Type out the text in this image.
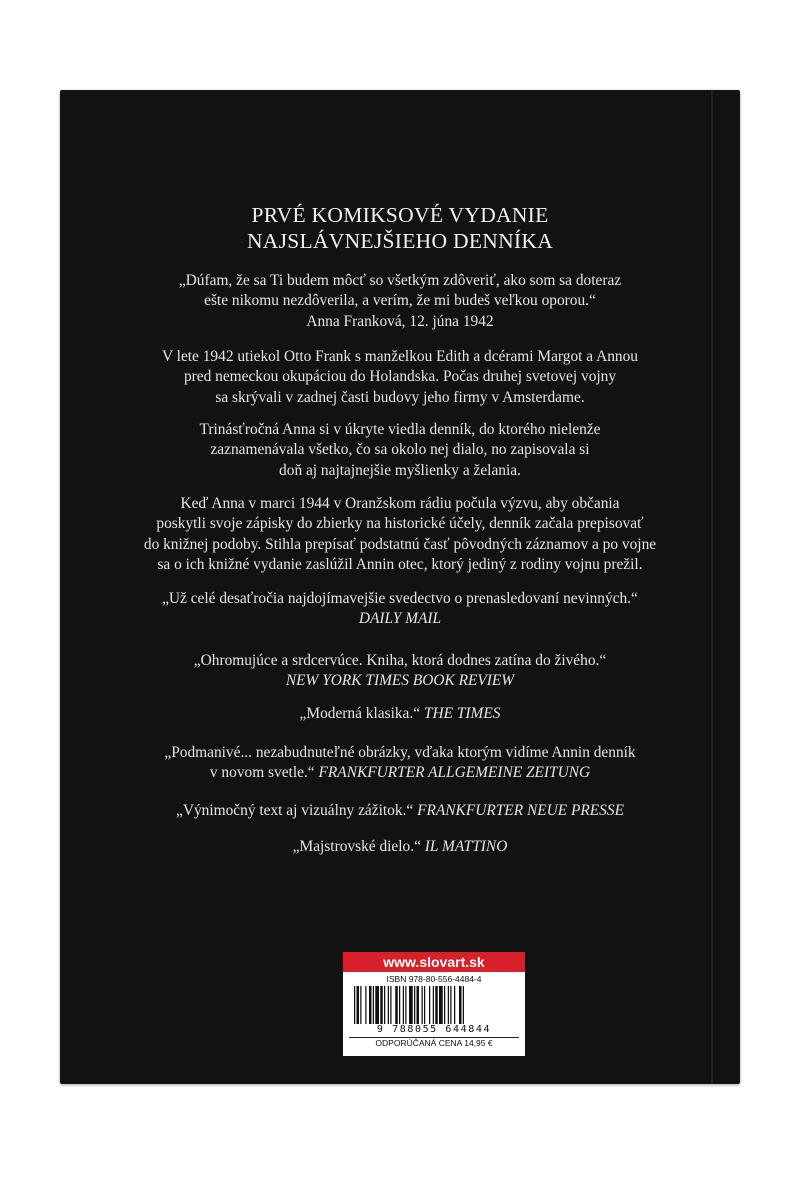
PRVÉ KOMIKSOVÉ VYDANIE
NAJSLÁVNEJŠIEHO DENNÍKA
„Dúfam, že sa Ti budem môcť so všetkým zdôveriť, ako som sa doteraz
ešte nikomu nezdôverila, a verím, že mi budeš veľkou oporou.“
Anna Franková, 12. júna 1942
V lete 1942 utiekol Otto Frank s manželkou Edith a dcérami Margot a Annou
pred nemeckou okupáciou do Holandska. Počas druhej svetovej vojny
sa skrývali v zadnej časti budovy jeho firmy v Amsterdame.
Trinásťročná Anna si v úkryte viedla denník, do ktorého nielenže
zaznamenávala všetko, čo sa okolo nej dialo, no zapisovala si
doň aj najtajnejšie myšlienky a želania.
Keď Anna v marci 1944 v Oranžskom rádiu počula výzvu, aby občania
poskytli svoje zápisky do zbierky na historické účely, denník začala prepisovať
do knižnej podoby. Stihla prepísať podstatnú časť pôvodných záznamov a po vojne
sa o ich knižné vydanie zaslúžil Annin otec, ktorý jediný z rodiny vojnu prežil.
„Už celé desaťročia najdojímavejšie svedectvo o prenasledovaní nevinných.“
DAILY MAIL
„Ohromujúce a srdcervúce. Kniha, ktorá dodnes zatína do živého.“
NEW YORK TIMES BOOK REVIEW
„Moderná klasika.“ THE TIMES
„Podmanivé... nezabudnuteľné obrázky, vďaka ktorým vidíme Annin denník
v novom svetle.“ FRANKFURTER ALLGEMEINE ZEITUNG
„Výnimočný text aj vizuálny zážitok.“ FRANKFURTER NEUE PRESSE
„Majstrovské dielo.“ IL MATTINO
www.slovart.sk
ISBN 978-80-556-4484-4
9 788055 644844
ODPORÚČANÁ CENA 14,95 €
